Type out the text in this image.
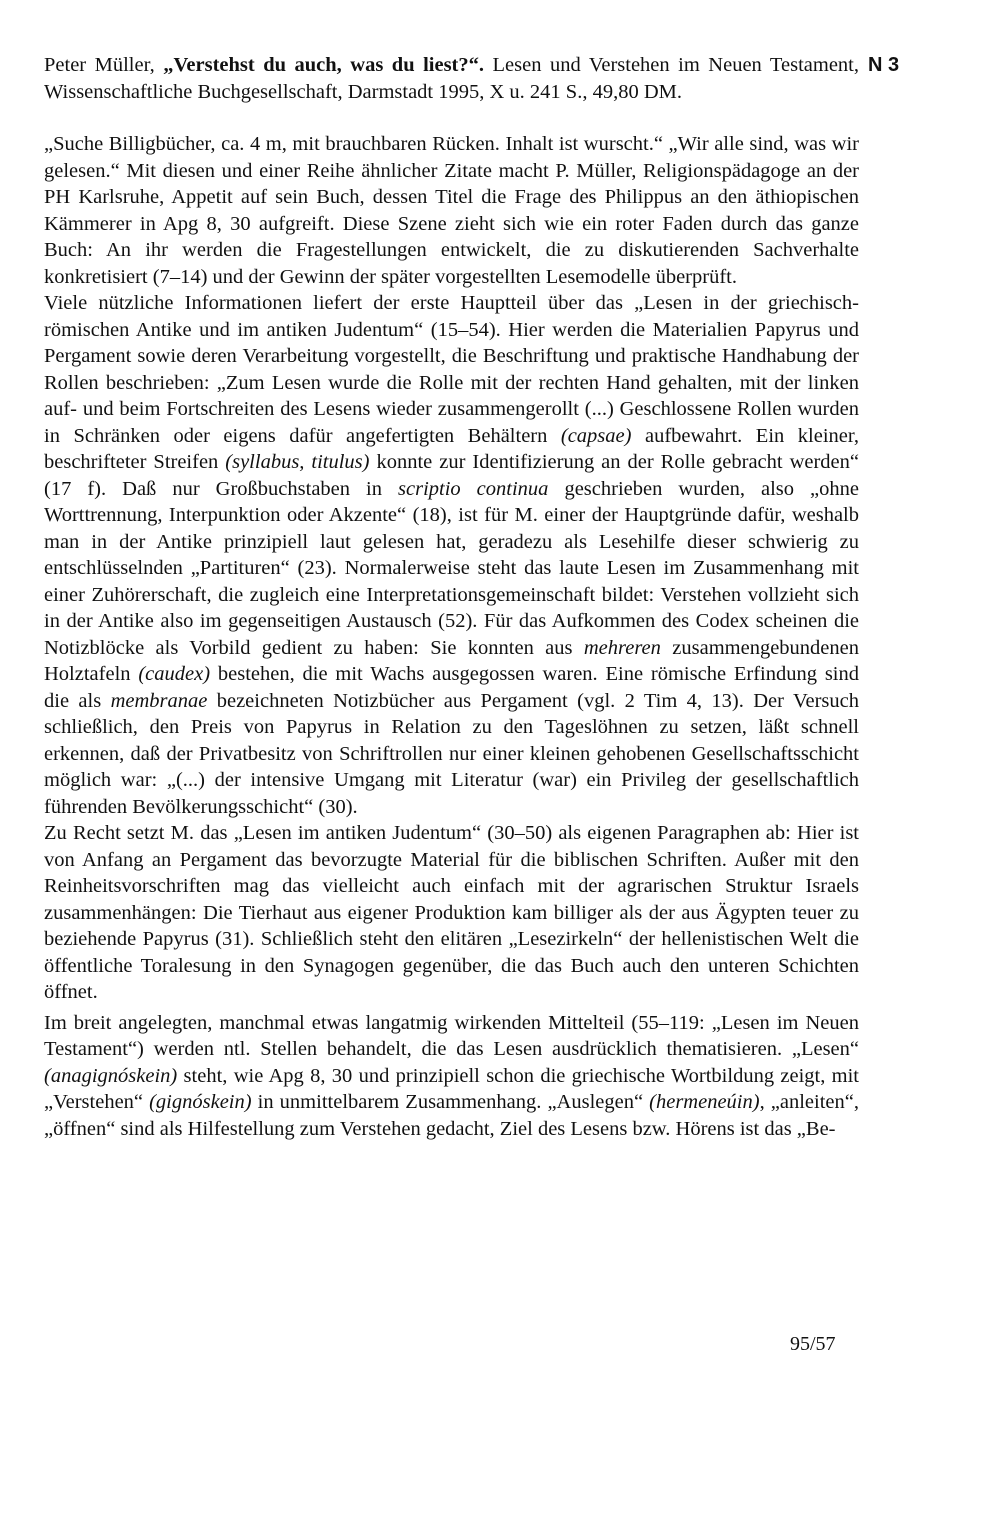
N 3

Peter Müller, „Verstehst du auch, was du liest?“. Lesen und Verstehen im Neuen Testament, Wissenschaftliche Buchgesellschaft, Darmstadt 1995, X u. 241 S., 49,80 DM.

„Suche Billigbücher, ca. 4 m, mit brauchbaren Rücken. Inhalt ist wurscht.“ „Wir alle sind, was wir gelesen.“ Mit diesen und einer Reihe ähnlicher Zitate macht P. Müller, Religionspädagoge an der PH Karlsruhe, Appetit auf sein Buch, dessen Titel die Frage des Philippus an den äthiopischen Kämmerer in Apg 8, 30 aufgreift. Diese Szene zieht sich wie ein roter Faden durch das ganze Buch: An ihr werden die Fragestellungen entwickelt, die zu diskutierenden Sachverhalte konkretisiert (7–14) und der Gewinn der später vorgestellten Lesemodelle überprüft.

Viele nützliche Informationen liefert der erste Hauptteil über das „Lesen in der griechisch-römischen Antike und im antiken Judentum“ (15–54). Hier werden die Materialien Papyrus und Pergament sowie deren Verarbeitung vorgestellt, die Beschriftung und praktische Handhabung der Rollen beschrieben: „Zum Lesen wurde die Rolle mit der rechten Hand gehalten, mit der linken auf- und beim Fortschreiten des Lesens wieder zusammengerollt (...) Geschlossene Rollen wurden in Schränken oder eigens dafür angefertigten Behältern (capsae) aufbewahrt. Ein kleiner, beschrifteter Streifen (syllabus, titulus) konnte zur Identifizierung an der Rolle gebracht werden“ (17 f). Daß nur Großbuchstaben in scriptio continua geschrieben wurden, also „ohne Worttrennung, Interpunktion oder Akzente“ (18), ist für M. einer der Hauptgründe dafür, weshalb man in der Antike prinzipiell laut gelesen hat, geradezu als Lesehilfe dieser schwierig zu entschlüsselnden „Partituren“ (23). Normalerweise steht das laute Lesen im Zusammenhang mit einer Zuhörerschaft, die zugleich eine Interpretationsgemeinschaft bildet: Verstehen vollzieht sich in der Antike also im gegenseitigen Austausch (52). Für das Aufkommen des Codex scheinen die Notizblöcke als Vorbild gedient zu haben: Sie konnten aus mehreren zusammengebundenen Holztafeln (caudex) bestehen, die mit Wachs ausgegossen waren. Eine römische Erfindung sind die als membranae bezeichneten Notizbücher aus Pergament (vgl. 2 Tim 4, 13). Der Versuch schließlich, den Preis von Papyrus in Relation zu den Tageslöhnen zu setzen, läßt schnell erkennen, daß der Privatbesitz von Schriftrollen nur einer kleinen gehobenen Gesellschaftsschicht möglich war: „(...) der intensive Umgang mit Literatur (war) ein Privileg der gesellschaftlich führenden Bevölkerungsschicht“ (30).

Zu Recht setzt M. das „Lesen im antiken Judentum“ (30–50) als eigenen Paragraphen ab: Hier ist von Anfang an Pergament das bevorzugte Material für die biblischen Schriften. Außer mit den Reinheitsvorschriften mag das vielleicht auch einfach mit der agrarischen Struktur Israels zusammenhängen: Die Tierhaut aus eigener Produktion kam billiger als der aus Ägypten teuer zu beziehende Papyrus (31). Schließlich steht den elitären „Lesezirkeln“ der hellenistischen Welt die öffentliche Toralesung in den Synagogen gegenüber, die das Buch auch den unteren Schichten öffnet.

Im breit angelegten, manchmal etwas langatmig wirkenden Mittelteil (55–119: „Lesen im Neuen Testament“) werden ntl. Stellen behandelt, die das Lesen ausdrücklich thematisieren. „Lesen“ (anagignóskein) steht, wie Apg 8, 30 und prinzipiell schon die griechische Wortbildung zeigt, mit „Verstehen“ (gignóskein) in unmittelbarem Zusammenhang. „Auslegen“ (hermeneúin), „anleiten“, „öffnen“ sind als Hilfestellung zum Verstehen gedacht, Ziel des Lesens bzw. Hörens ist das „Be-

95/57
